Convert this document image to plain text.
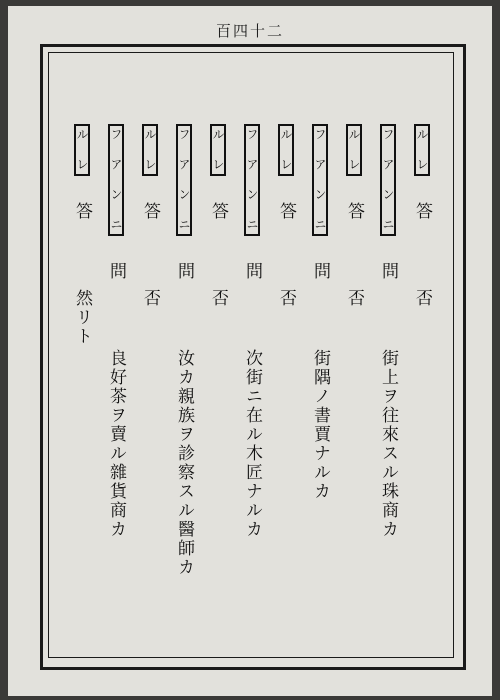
百四十二
ル レ 答 否
フ ア ン ニ 問 街上ヲ往來スル珠商カ
ル レ 答 否
フ ア ン ニ 問 街隅ノ書賈ナルカ
ル レ 答 否
フ ア ン ニ 問 次街ニ在ル木匠ナルカ
ル レ 答 否
フ ア ン ニ 問 汝カ親族ヲ診察スル醫師カ
ル レ 答 否
フ ア ン ニ 問 良好茶ヲ賣ル雜貨商カ
ル レ 答 然リト
